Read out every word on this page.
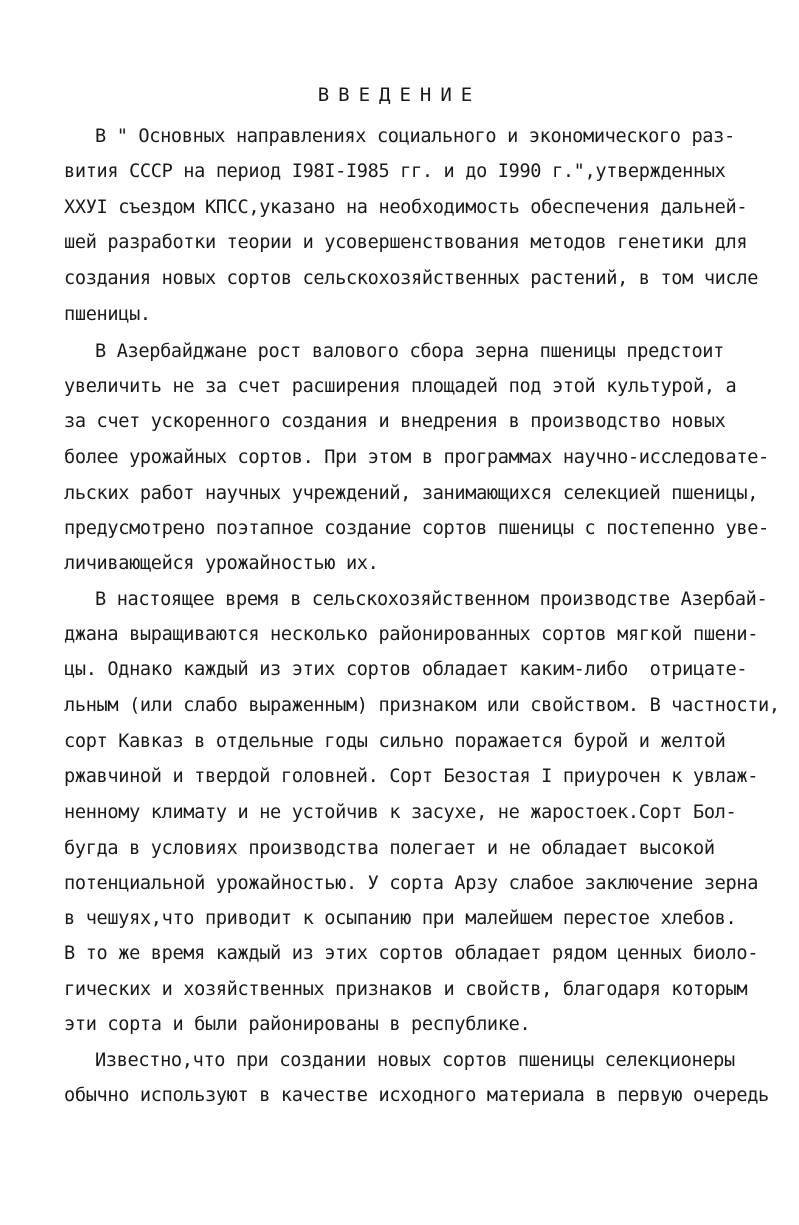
ВВЕДЕНИЕ

В " Основных направлениях социального и экономического раз-

вития СССР на период I98I-I985 гг. и до I990 г.",утвержденных

ХХУI съездом КПСС,указано на необходимость обеспечения дальней-

шей разработки теории и усовершенствования методов генетики для

создания новых сортов сельскохозяйственных растений, в том числе

пшеницы.

В Азербайджане рост валового сбора зерна пшеницы предстоит

увеличить не за счет расширения площадей под этой культурой, а

за счет ускоренного создания и внедрения в производство новых

более урожайных сортов. При этом в программах научно-исследовате-

льских работ научных учреждений, занимающихся селекцией пшеницы,

предусмотрено поэтапное создание сортов пшеницы с постепенно уве-

личивающейся урожайностью их.

В настоящее время в сельскохозяйственном производстве Азербай-

джана выращиваются несколько районированных сортов мягкой пшени-

цы. Однако каждый из этих сортов обладает каким-либо  отрицате-

льным (или слабо выраженным) признаком или свойством. В частности,

сорт Кавказ в отдельные годы сильно поражается бурой и желтой

ржавчиной и твердой головней. Сорт Безостая I приурочен к увлаж-

ненному климату и не устойчив к засухе, не жаростоек.Сорт Бол-

бугда в условиях производства полегает и не обладает высокой

потенциальной урожайностью. У сорта Арзу слабое заключение зерна

в чешуях,что приводит к осыпанию при малейшем перестое хлебов.

В то же время каждый из этих сортов обладает рядом ценных биоло-

гических и хозяйственных признаков и свойств, благодаря которым

эти сорта и были районированы в республике.

Известно,что при создании новых сортов пшеницы селекционеры

обычно используют в качестве исходного материала в первую очередь
